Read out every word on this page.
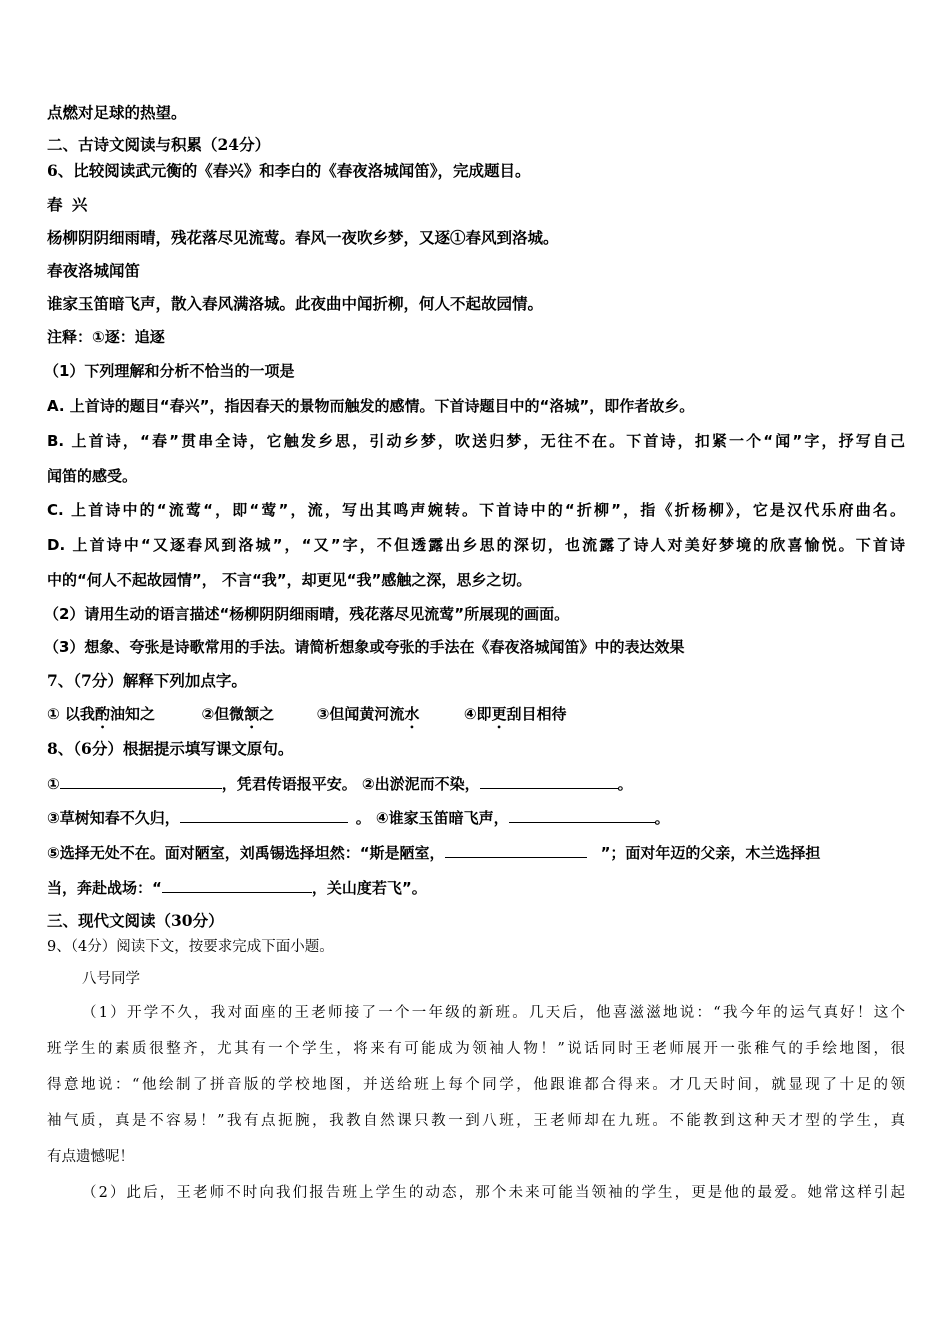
点燃对足球的热望。
二、古诗文阅读与积累（24分）
6、比较阅读武元衡的《春兴》和李白的《春夜洛城闻笛》，完成题目。
春 兴
杨柳阴阴细雨晴，残花落尽见流莺。春风一夜吹乡梦，又逐①春风到洛城。
春夜洛城闻笛
谁家玉笛暗飞声，散入春风满洛城。此夜曲中闻折柳，何人不起故园情。
注释：①逐：追逐
（1）下列理解和分析不恰当的一项是
A. 上首诗的题目“春兴”，指因春天的景物而触发的感情。下首诗题目中的“洛城”，即作者故乡。
B. 上首诗，“春”贯串全诗，它触发乡思，引动乡梦，吹送归梦，无往不在。下首诗，扣紧一个“闻”字，抒写自己
闻笛的感受。
C. 上首诗中的“流莺“，即“莺”，流，写出其鸣声婉转。下首诗中的“折柳”，指《折杨柳》，它是汉代乐府曲名。
D. 上首诗中“又逐春风到洛城”，“又”字，不但透露出乡思的深切，也流露了诗人对美好梦境的欣喜愉悦。下首诗
中的“何人不起故园情”， 不言“我”，却更见“我”感触之深，思乡之切。
（2）请用生动的语言描述“杨柳阴阴细雨晴，残花落尽见流莺”所展现的画面。
（3）想象、夸张是诗歌常用的手法。请简析想象或夸张的手法在《春夜洛城闻笛》中的表达效果
7、（7分）解释下列加点字。
① 以我酌油知之	②但微颔之	③但闻黄河流水	④即更刮目相待
8、（6分）根据提示填写课文原句。
①	，凭君传语报平安。 ②出淤泥而不染，	。
③草树知春不久归，	。 ④谁家玉笛暗飞声，	。
⑤选择无处不在。面对陋室，刘禹锡选择坦然：“斯是陋室，	”；面对年迈的父亲，木兰选择担
当，奔赴战场：“	，关山度若飞”。
三、现代文阅读（30分）
9、（4分）阅读下文，按要求完成下面小题。
八号同学
（1）开学不久，我对面座的王老师接了一个一年级的新班。几天后，他喜滋滋地说：“我今年的运气真好！这个
班学生的素质很整齐，尤其有一个学生，将来有可能成为领袖人物！”说话同时王老师展开一张稚气的手绘地图，很
得意地说：“他绘制了拼音版的学校地图，并送给班上每个同学，他跟谁都合得来。才几天时间，就显现了十足的领
袖气质，真是不容易！”我有点扼腕，我教自然课只教一到八班，王老师却在九班。不能教到这种天才型的学生，真
有点遗憾呢！
（2）此后，王老师不时向我们报告班上学生的动态，那个未来可能当领袖的学生，更是他的最爱。她常这样引起
